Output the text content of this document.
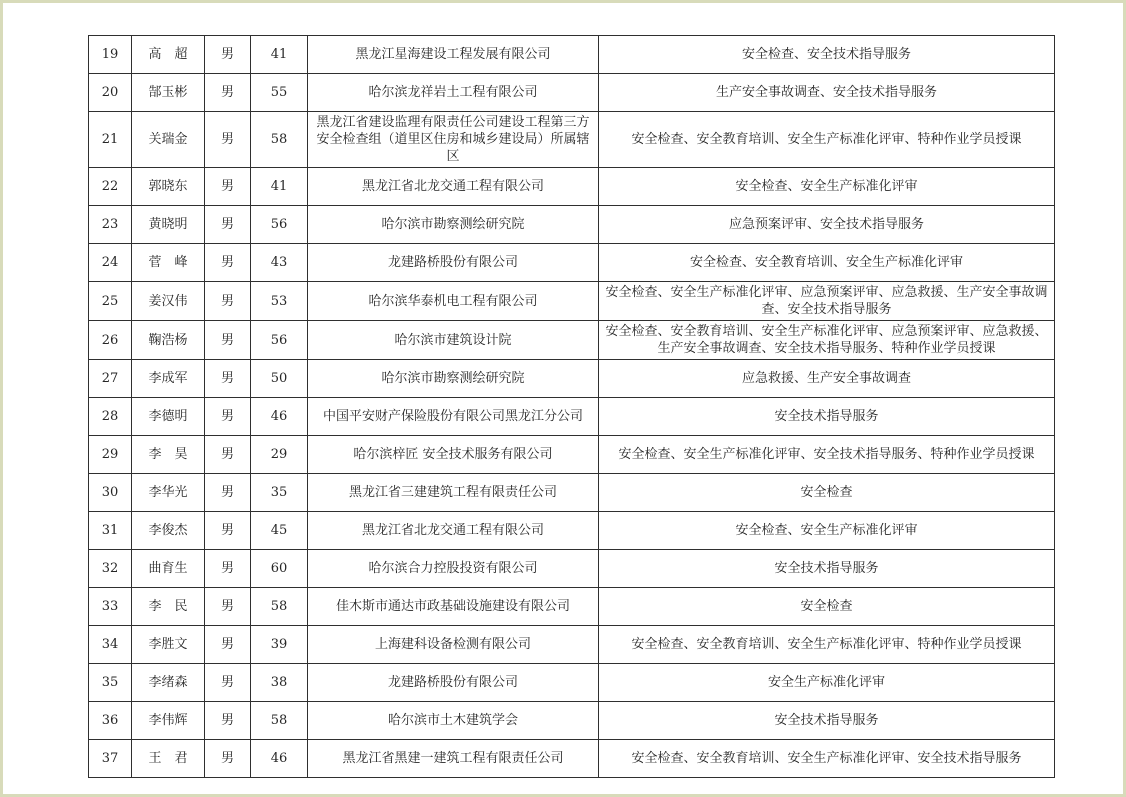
19	高　超	男	41	黑龙江星海建设工程发展有限公司	安全检查、安全技术指导服务
20	郜玉彬	男	55	哈尔滨龙祥岩土工程有限公司	生产安全事故调查、安全技术指导服务
21	关瑞金	男	58	黑龙江省建设监理有限责任公司建设工程第三方安全检查组（道里区住房和城乡建设局）所属辖区	安全检查、安全教育培训、安全生产标准化评审、特种作业学员授课
22	郭晓东	男	41	黑龙江省北龙交通工程有限公司	安全检查、安全生产标准化评审
23	黄晓明	男	56	哈尔滨市勘察测绘研究院	应急预案评审、安全技术指导服务
24	菅　峰	男	43	龙建路桥股份有限公司	安全检查、安全教育培训、安全生产标准化评审
25	姜汉伟	男	53	哈尔滨华泰机电工程有限公司	安全检查、安全生产标准化评审、应急预案评审、应急救援、生产安全事故调查、安全技术指导服务
26	鞠浩杨	男	56	哈尔滨市建筑设计院	安全检查、安全教育培训、安全生产标准化评审、应急预案评审、应急救援、生产安全事故调查、安全技术指导服务、特种作业学员授课
27	李成军	男	50	哈尔滨市勘察测绘研究院	应急救援、生产安全事故调查
28	李德明	男	46	中国平安财产保险股份有限公司黑龙江分公司	安全技术指导服务
29	李　昊	男	29	哈尔滨梓匠 安全技术服务有限公司	安全检查、安全生产标准化评审、安全技术指导服务、特种作业学员授课
30	李华光	男	35	黑龙江省三建建筑工程有限责任公司	安全检查
31	李俊杰	男	45	黑龙江省北龙交通工程有限公司	安全检查、安全生产标准化评审
32	曲育生	男	60	哈尔滨合力控股投资有限公司	安全技术指导服务
33	李　民	男	58	佳木斯市通达市政基础设施建设有限公司	安全检查
34	李胜文	男	39	上海建科设备检测有限公司	安全检查、安全教育培训、安全生产标准化评审、特种作业学员授课
35	李绪森	男	38	龙建路桥股份有限公司	安全生产标准化评审
36	李伟辉	男	58	哈尔滨市土木建筑学会	安全技术指导服务
37	王　君	男	46	黑龙江省黑建一建筑工程有限责任公司	安全检查、安全教育培训、安全生产标准化评审、安全技术指导服务
